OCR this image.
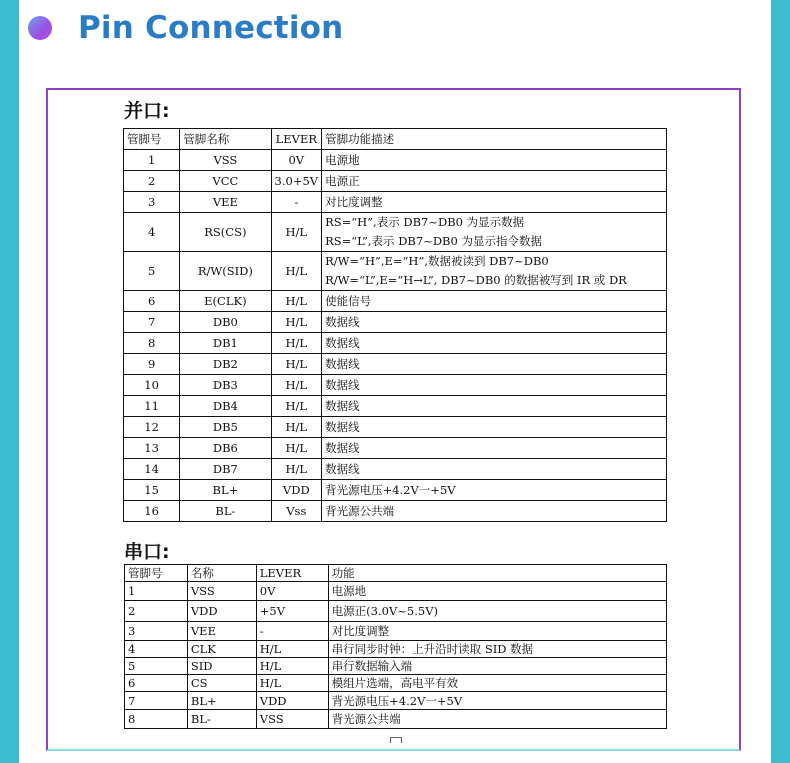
Pin Connection
并口:
管脚号	管脚名称	LEVER	管脚功能描述
1	VSS	0V	电源地

2	VCC	3.0+5V	电源正

3	VEE	-	对比度调整

4	RS(CS)	H/L	RS=“H”,表示 DB7~DB0 为显示数据
RS=“L”,表示 DB7~DB0 为显示指令数据

5	R/W(SID)	H/L	R/W=“H”,E=“H”,数据被读到 DB7~DB0
R/W=“L”,E=“H→L”, DB7~DB0 的数据被写到 IR 或 DR

6	E(CLK)	H/L	使能信号

7	DB0	H/L	数据线

8	DB1	H/L	数据线

9	DB2	H/L	数据线

10	DB3	H/L	数据线

11	DB4	H/L	数据线

12	DB5	H/L	数据线

13	DB6	H/L	数据线

14	DB7	H/L	数据线

15	BL+	VDD	背光源电压+4.2V一+5V

16	BL-	Vss	背光源公共端
串口:
管脚号	名称	LEVER	功能
1	VSS	0V	电源地
2	VDD	+5V	电源正(3.0V~5.5V)
3	VEE	-	对比度调整
4	CLK	H/L	串行同步时钟：上升沿时读取 SID 数据
5	SID	H/L	串行数据输入端
6	CS	H/L	模组片选端，高电平有效
7	BL+	VDD	背光源电压+4.2V一+5V
8	BL-	VSS	背光源公共端
